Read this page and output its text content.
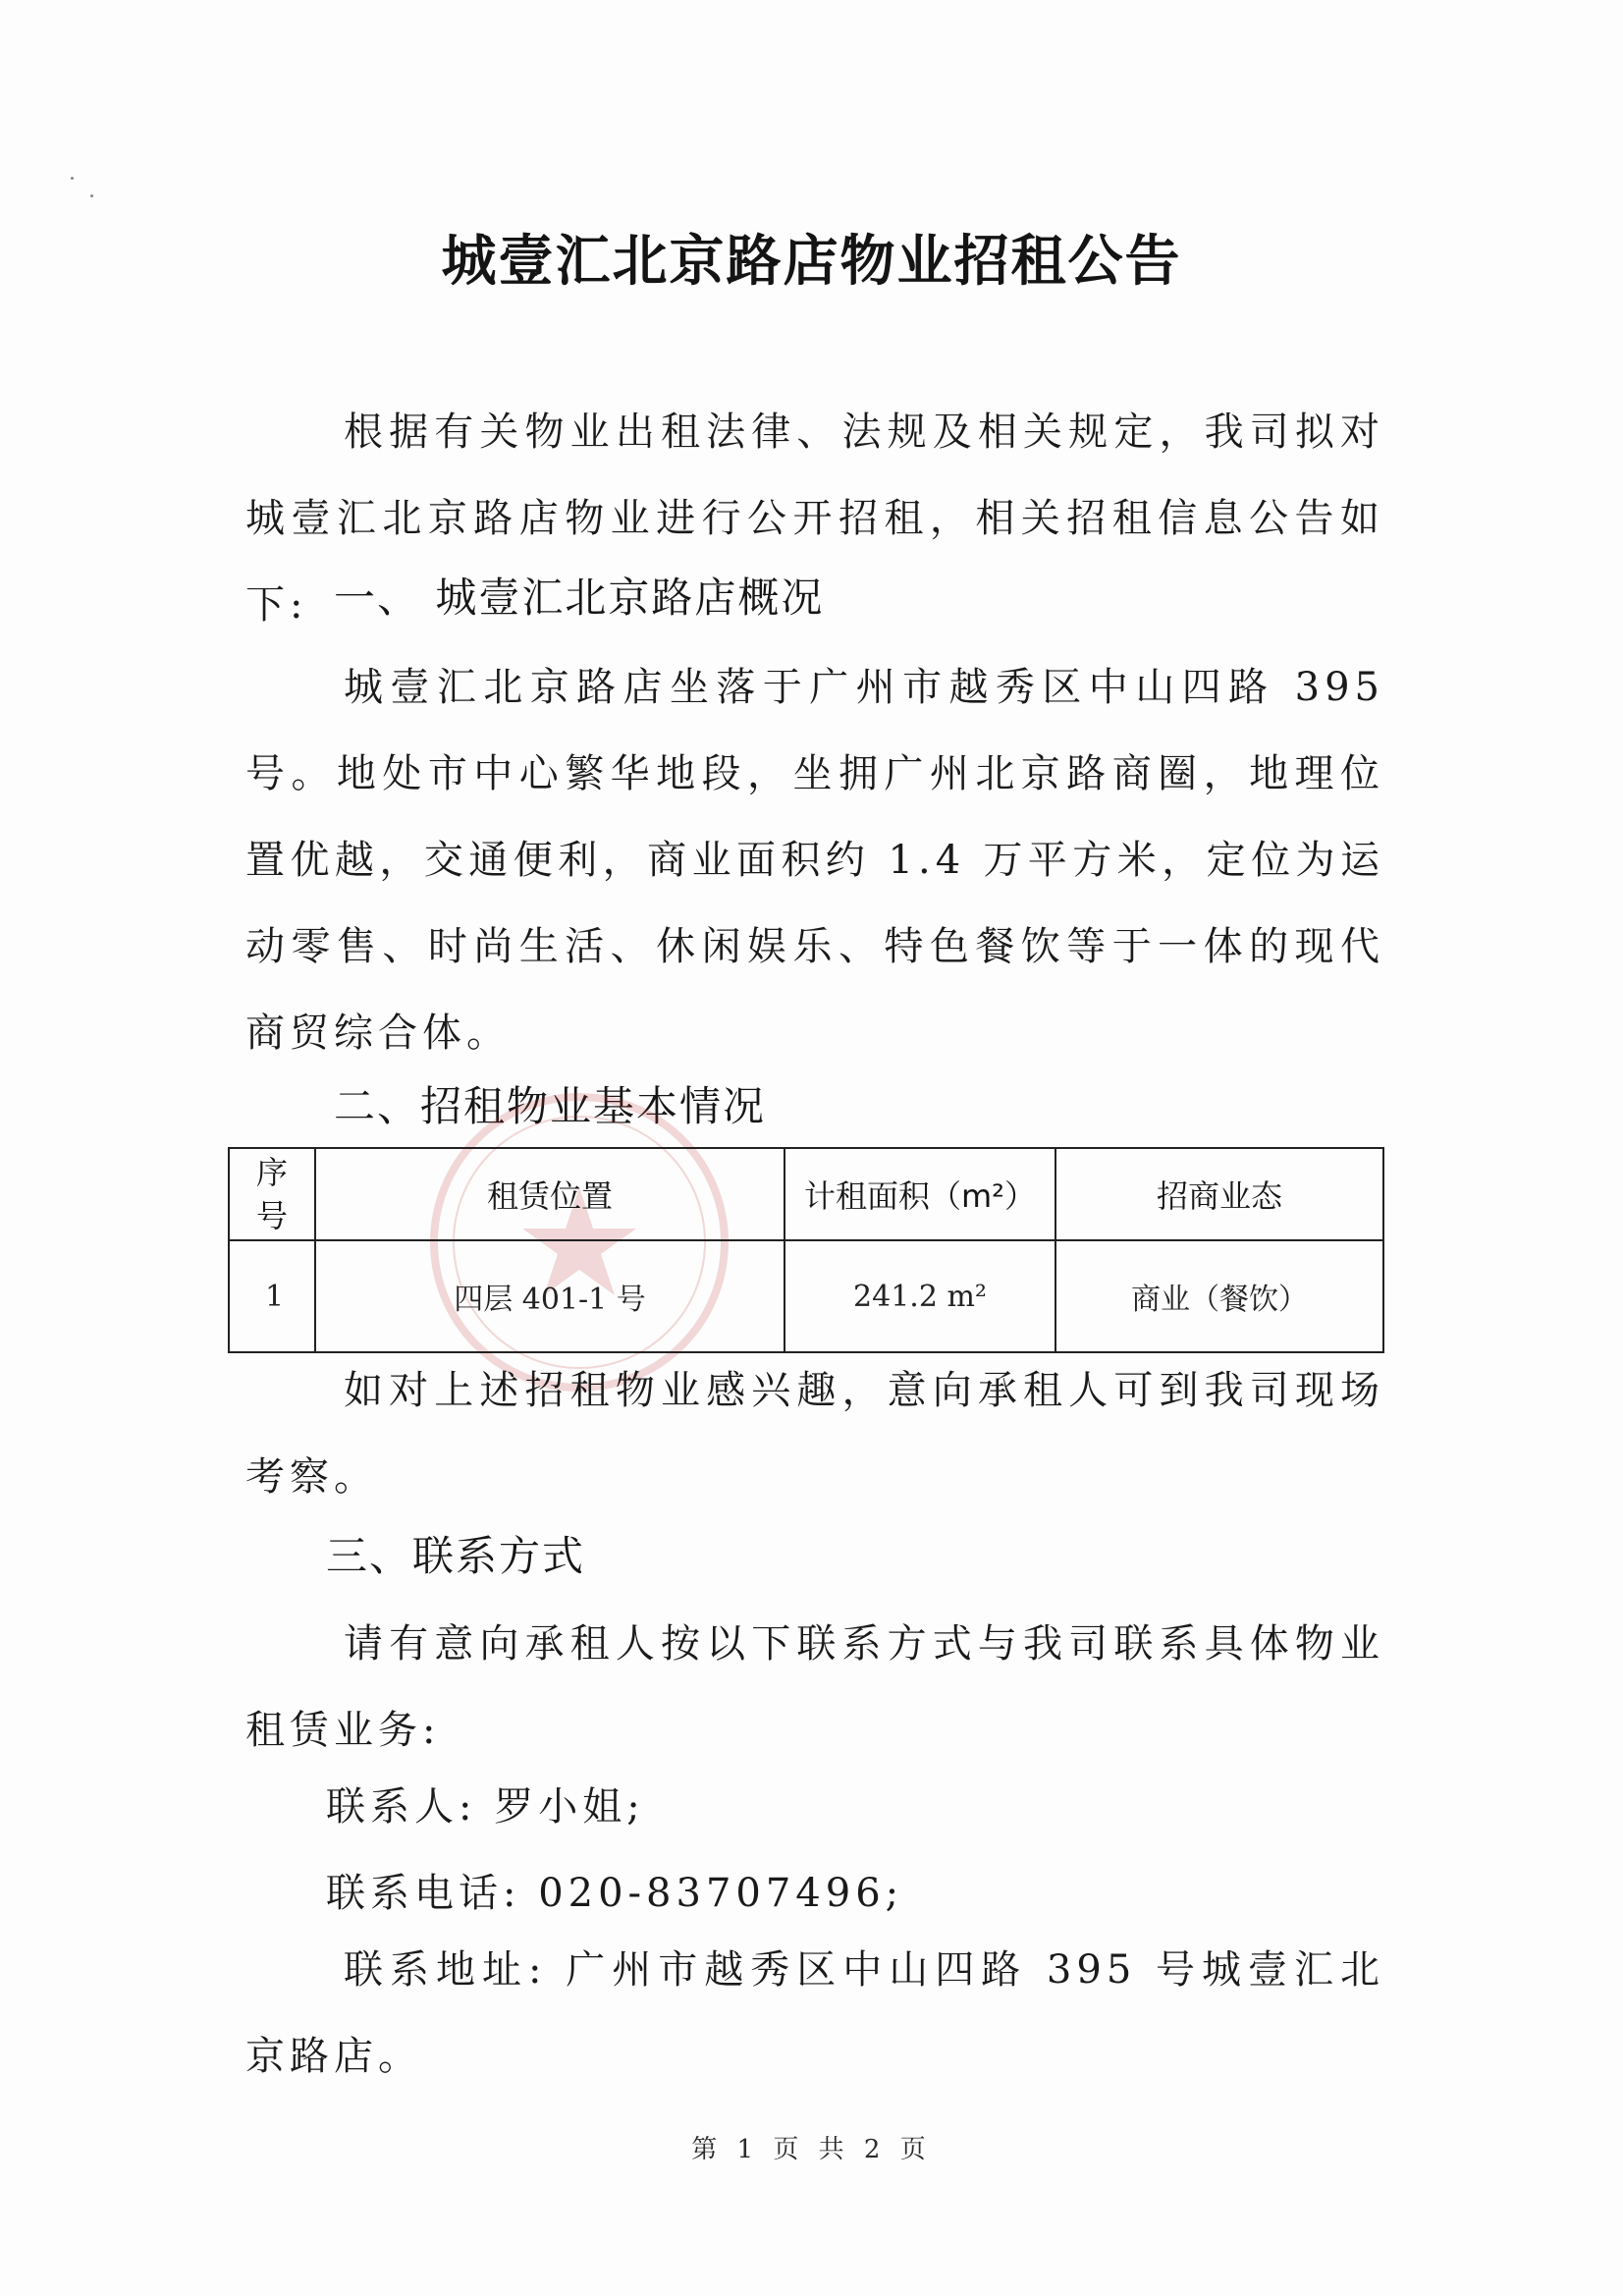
城壹汇北京路店物业招租公告
根据有关物业出租法律、法规及相关规定，我司拟对城壹汇北京路店物业进行公开招租，相关招租信息公告如下: 一、 城壹汇北京路店概况
城壹汇北京路店坐落于广州市越秀区中山四路 395 号。地处市中心繁华地段，坐拥广州北京路商圈，地理位置优越，交通便利，商业面积约 1.4 万平方米，定位为运动零售、时尚生活、休闲娱乐、特色餐饮等于一体的现代商贸综合体。
二、招租物业基本情况
序号	租赁位置	计租面积（m²）	招商业态
1	四层 401-1 号	241.2 m²	商业（餐饮）
如对上述招租物业感兴趣，意向承租人可到我司现场考察。
三、联系方式
请有意向承租人按以下联系方式与我司联系具体物业租赁业务:
联系人: 罗小姐;
联系电话: 020-83707496;
联系地址: 广州市越秀区中山四路 395 号城壹汇北京路店。
第 1 页 共 2 页
